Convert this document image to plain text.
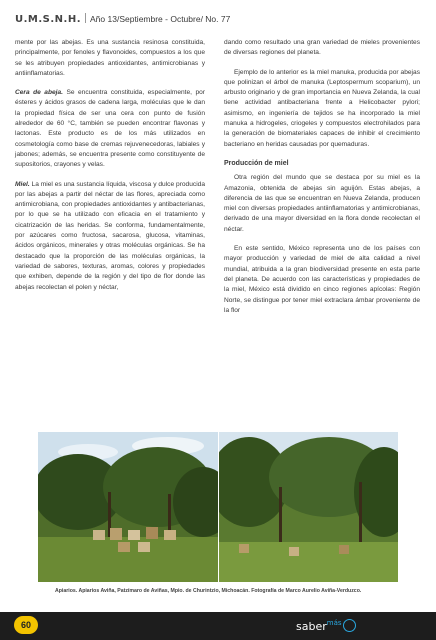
U.M.S.N.H. Año 13/Septiembre - Octubre/ No. 77

mente por las abejas. Es una sustancia resinosa constituida, principalmente, por fenoles y flavonoides, compuestos a los que se les atribuyen propiedades antioxidantes, antimicrobianas y antiinflamatorias.

Cera de abeja. Se encuentra constituida, especialmente, por ésteres y ácidos grasos de cadena larga, moléculas que le dan la propiedad física de ser una cera con punto de fusión alrededor de 60 °C, también se pueden encontrar flavonas y lactonas. Este producto es de los más utilizados en cosmetología como base de cremas rejuvenecedoras, labiales y jabones; además, se encuentra presente como constituyente de supositorios, crayones y velas.

Miel. La miel es una sustancia líquida, viscosa y dulce producida por las abejas a partir del néctar de las flores, apreciada como antimicrobiana, con propiedades antioxidantes y antibacterianas, por lo que se ha utilizado con eficacia en el tratamiento y cicatrización de las heridas. Se conforma, fundamentalmente, por azúcares como fructosa, sacarosa, glucosa, vitaminas, ácidos orgánicos, minerales y otras moléculas orgánicas. Se ha destacado que la proporción de las moléculas orgánicas, la variedad de sabores, texturas, aromas, colores y propiedades que exhiben, depende de la región y del tipo de flor donde las abejas recolectan el polen y néctar,

dando como resultado una gran variedad de mieles provenientes de diversas regiones del planeta.

Ejemplo de lo anterior es la miel manuka, producida por abejas que polinizan el árbol de manuka (Leptospermum scoparium), un arbusto originario y de gran importancia en Nueva Zelanda, la cual tiene actividad antibacteriana frente a Helicobacter pylori; asimismo, en ingeniería de tejidos se ha incorporado la miel manuka a hidrogeles, criogeles y compuestos electrohilados para la generación de biomateriales capaces de inhibir el crecimiento bacteriano en heridas causadas por quemaduras.

Producción de miel

Otra región del mundo que se destaca por su miel es la Amazonia, obtenida de abejas sin aguijón. Estas abejas, a diferencia de las que se encuentran en Nueva Zelanda, producen miel con diversas propiedades antiinflamatorias y antimicrobianas, derivado de una mayor diversidad en la flora donde recolectan el néctar.

En este sentido, México representa uno de los países con mayor producción y variedad de miel de alta calidad a nivel mundial, atribuida a la gran biodiversidad presente en esta parte del planeta. De acuerdo con las características y propiedades de la miel, México está dividido en cinco regiones apícolas: Región Norte, se distingue por tener miel extraclara ámbar proveniente de la flor

Apiarios. Apiarios Aviña, Patzímaro de Aviñas, Mpio. de Churintzio, Michoacán. Fotografía de Marco Aurelio Aviña-Verduzco.
60	saber$^{más}$
